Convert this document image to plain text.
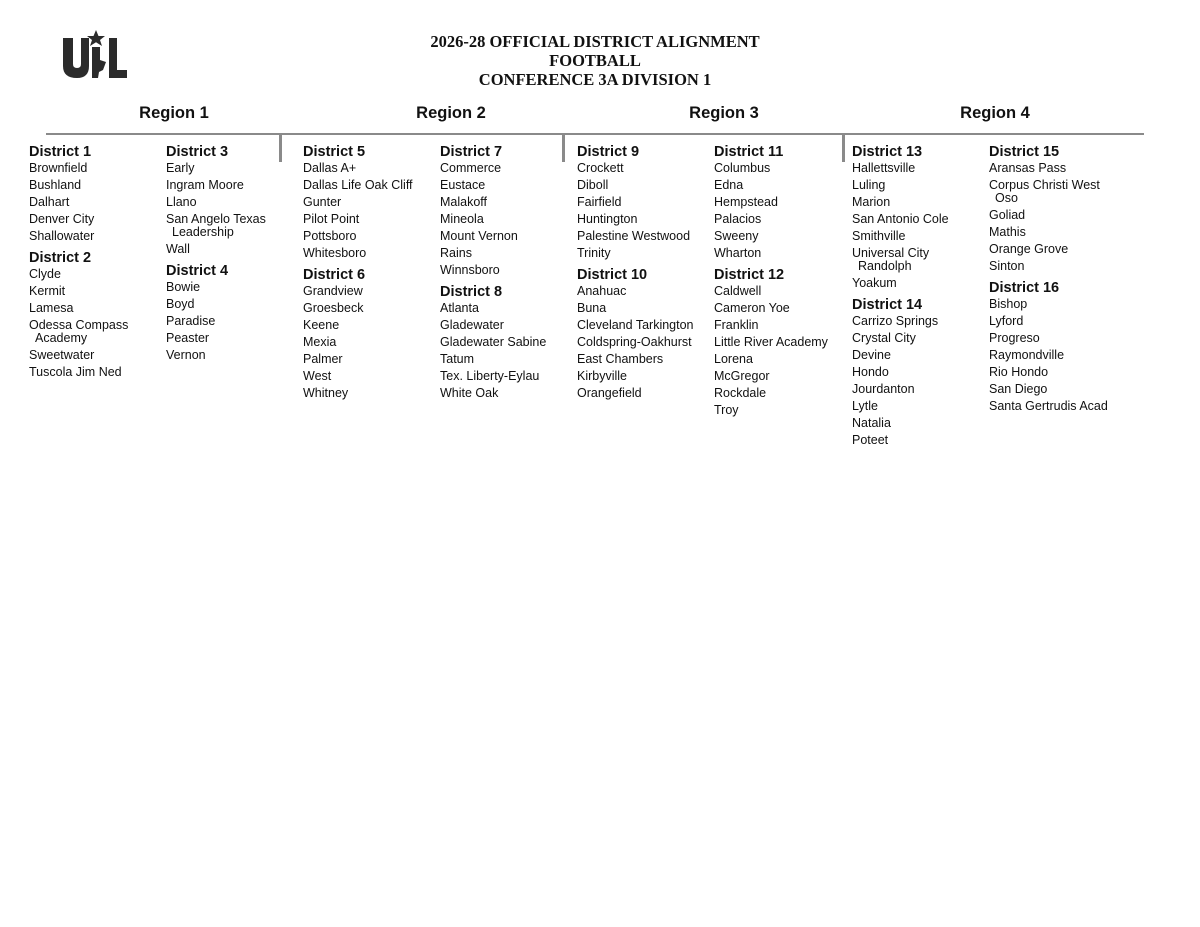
2026-28 OFFICIAL DISTRICT ALIGNMENT
FOOTBALL
CONFERENCE 3A DIVISION 1
Region 1	Region 2	Region 3	Region 4
District 1
Brownfield
Bushland
Dalhart
Denver City
Shallowater
District 2
Clyde
Kermit
Lamesa
Odessa Compass
Academy
Sweetwater
Tuscola Jim Ned
District 3
Early
Ingram Moore
Llano
San Angelo Texas
Leadership
Wall
District 4
Bowie
Boyd
Paradise
Peaster
Vernon
District 5
Dallas A+
Dallas Life Oak Cliff
Gunter
Pilot Point
Pottsboro
Whitesboro
District 6
Grandview
Groesbeck
Keene
Mexia
Palmer
West
Whitney
District 7
Commerce
Eustace
Malakoff
Mineola
Mount Vernon
Rains
Winnsboro
District 8
Atlanta
Gladewater
Gladewater Sabine
Tatum
Tex. Liberty-Eylau
White Oak
District 9
Crockett
Diboll
Fairfield
Huntington
Palestine Westwood
Trinity
District 10
Anahuac
Buna
Cleveland Tarkington
Coldspring-Oakhurst
East Chambers
Kirbyville
Orangefield
District 11
Columbus
Edna
Hempstead
Palacios
Sweeny
Wharton
District 12
Caldwell
Cameron Yoe
Franklin
Little River Academy
Lorena
McGregor
Rockdale
Troy
District 13
Hallettsville
Luling
Marion
San Antonio Cole
Smithville
Universal City
Randolph
Yoakum
District 14
Carrizo Springs
Crystal City
Devine
Hondo
Jourdanton
Lytle
Natalia
Poteet
District 15
Aransas Pass
Corpus Christi West
Oso
Goliad
Mathis
Orange Grove
Sinton
District 16
Bishop
Lyford
Progreso
Raymondville
Rio Hondo
San Diego
Santa Gertrudis Acad
